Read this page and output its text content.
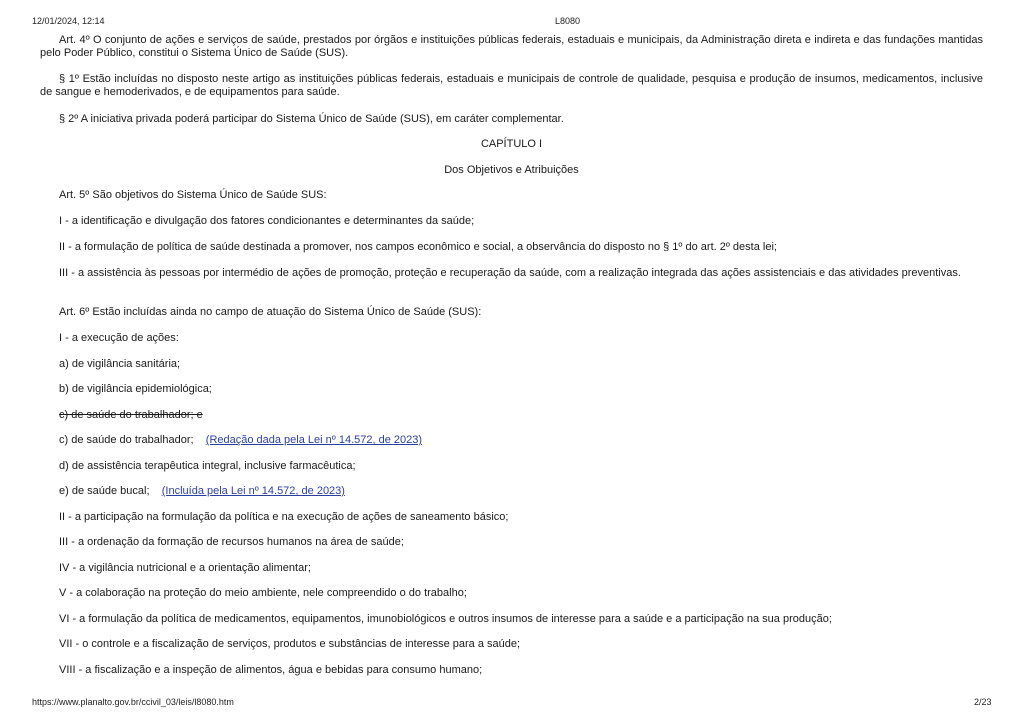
12/01/2024, 12:14	L8080

Art. 4º O conjunto de ações e serviços de saúde, prestados por órgãos e instituições públicas federais, estaduais e municipais, da Administração direta e indireta e das fundações mantidas pelo Poder Público, constitui o Sistema Único de Saúde (SUS).

§ 1º Estão incluídas no disposto neste artigo as instituições públicas federais, estaduais e municipais de controle de qualidade, pesquisa e produção de insumos, medicamentos, inclusive de sangue e hemoderivados, e de equipamentos para saúde.

§ 2º A iniciativa privada poderá participar do Sistema Único de Saúde (SUS), em caráter complementar.

CAPÍTULO I

Dos Objetivos e Atribuições

Art. 5º São objetivos do Sistema Único de Saúde SUS:

I - a identificação e divulgação dos fatores condicionantes e determinantes da saúde;

II - a formulação de política de saúde destinada a promover, nos campos econômico e social, a observância do disposto no § 1º do art. 2º desta lei;

III - a assistência às pessoas por intermédio de ações de promoção, proteção e recuperação da saúde, com a realização integrada das ações assistenciais e das atividades preventivas.

Art. 6º Estão incluídas ainda no campo de atuação do Sistema Único de Saúde (SUS):

I - a execução de ações:

a) de vigilância sanitária;

b) de vigilância epidemiológica;

c) de saúde do trabalhador; e

c) de saúde do trabalhador; (Redação dada pela Lei nº 14.572, de 2023)

d) de assistência terapêutica integral, inclusive farmacêutica;

e) de saúde bucal; (Incluída pela Lei nº 14.572, de 2023)

II - a participação na formulação da política e na execução de ações de saneamento básico;

III - a ordenação da formação de recursos humanos na área de saúde;

IV - a vigilância nutricional e a orientação alimentar;

V - a colaboração na proteção do meio ambiente, nele compreendido o do trabalho;

VI - a formulação da política de medicamentos, equipamentos, imunobiológicos e outros insumos de interesse para a saúde e a participação na sua produção;

VII - o controle e a fiscalização de serviços, produtos e substâncias de interesse para a saúde;

VIII - a fiscalização e a inspeção de alimentos, água e bebidas para consumo humano;

https://www.planalto.gov.br/ccivil_03/leis/l8080.htm	2/23
